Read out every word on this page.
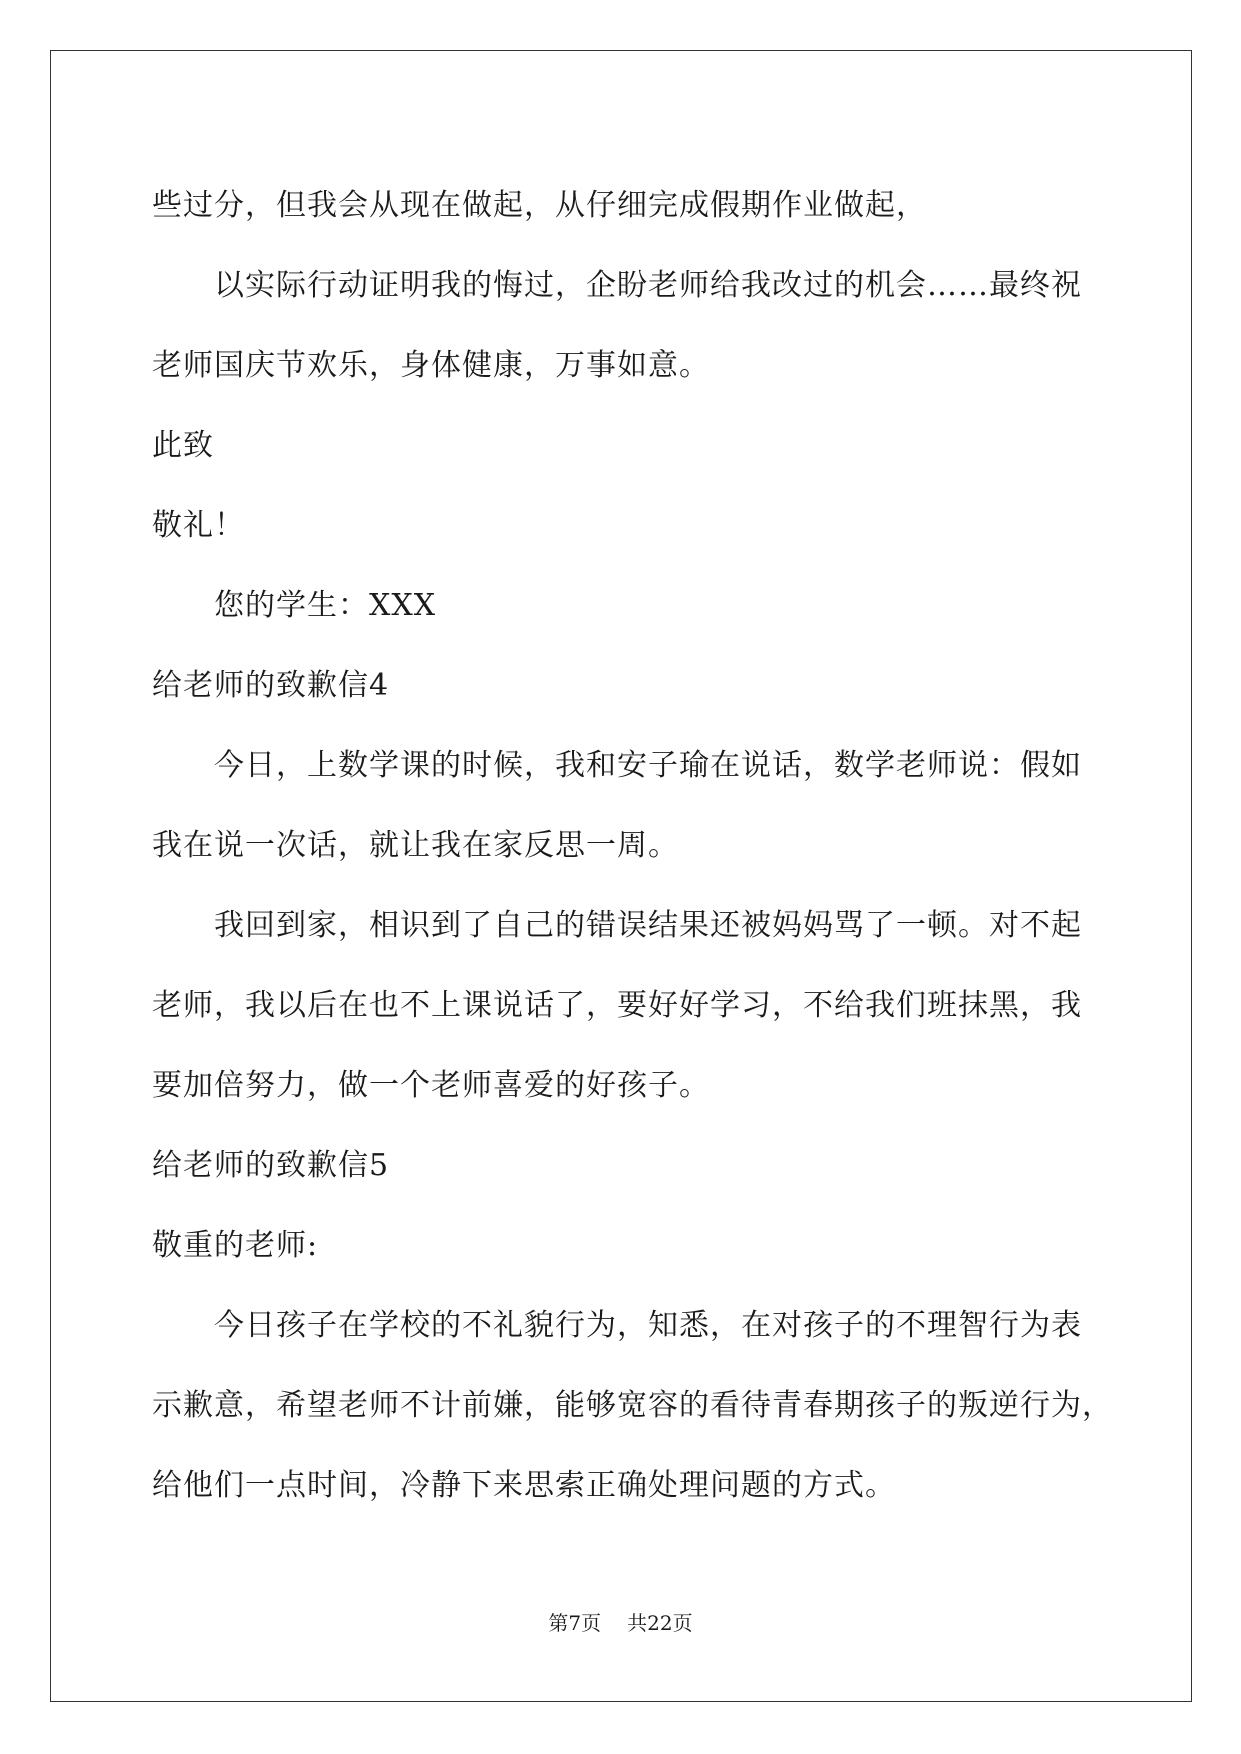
些过分，但我会从现在做起，从仔细完成假期作业做起，
以实际行动证明我的悔过，企盼老师给我改过的机会……最终祝
老师国庆节欢乐，身体健康，万事如意。
此致
敬礼！
您的学生：XXX
给老师的致歉信4
今日，上数学课的时候，我和安子瑜在说话，数学老师说：假如
我在说一次话，就让我在家反思一周。
我回到家，相识到了自己的错误结果还被妈妈骂了一顿。对不起
老师，我以后在也不上课说话了，要好好学习，不给我们班抹黑，我
要加倍努力，做一个老师喜爱的好孩子。
给老师的致歉信5
敬重的老师:
今日孩子在学校的不礼貌行为，知悉，在对孩子的不理智行为表
示歉意，希望老师不计前嫌，能够宽容的看待青春期孩子的叛逆行为，
给他们一点时间，冷静下来思索正确处理问题的方式。
第7页 共22页
